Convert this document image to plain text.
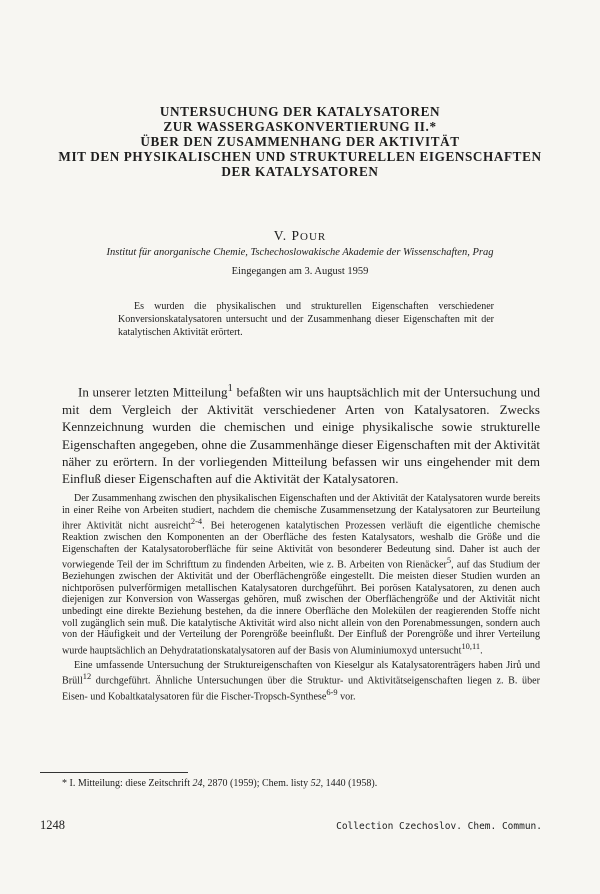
UNTERSUCHUNG DER KATALYSATOREN
ZUR WASSERGASKONVERTIERUNG II.*
ÜBER DEN ZUSAMMENHANG DER AKTIVITÄT
MIT DEN PHYSIKALISCHEN UND STRUKTURELLEN EIGENSCHAFTEN
DER KATALYSATOREN
V. POUR
Institut für anorganische Chemie, Tschechoslowakische Akademie der Wissenschaften, Prag
Eingegangen am 3. August 1959
Es wurden die physikalischen und strukturellen Eigenschaften verschiedener Konversionskatalysatoren untersucht und der Zusammenhang dieser Eigenschaften mit der katalytischen Aktivität erörtert.

In unserer letzten Mitteilung$^1$ befaßten wir uns hauptsächlich mit der Untersuchung und mit dem Vergleich der Aktivität verschiedener Arten von Katalysatoren. Zwecks Kennzeichnung wurden die chemischen und einige physikalische sowie strukturelle Eigenschaften angegeben, ohne die Zusammenhänge dieser Eigenschaften mit der Aktivität näher zu erörtern. In der vorliegenden Mitteilung befassen wir uns eingehender mit dem Einfluß dieser Eigenschaften auf die Aktivität der Katalysatoren.

Der Zusammenhang zwischen den physikalischen Eigenschaften und der Aktivität der Katalysatoren wurde bereits in einer Reihe von Arbeiten studiert, nachdem die chemische Zusammensetzung der Katalysatoren zur Beurteilung ihrer Aktivität nicht ausreicht$^{2-4}$. Bei heterogenen katalytischen Prozessen verläuft die eigentliche chemische Reaktion zwischen den Komponenten an der Oberfläche des festen Katalysators, weshalb die Größe und die Eigenschaften der Katalysatoroberfläche für seine Aktivität von besonderer Bedeutung sind. Daher ist auch der vorwiegende Teil der im Schrifttum zu findenden Arbeiten, wie z. B. Arbeiten von Rienäcker$^5$, auf das Studium der Beziehungen zwischen der Aktivität und der Oberflächengröße eingestellt. Die meisten dieser Studien wurden an nichtporösen pulverförmigen metallischen Katalysatoren durchgeführt. Bei porösen Katalysatoren, zu denen auch diejenigen zur Konversion von Wassergas gehören, muß zwischen der Oberflächengröße und der Aktivität nicht unbedingt eine direkte Beziehung bestehen, da die innere Oberfläche den Molekülen der reagierenden Stoffe nicht voll zugänglich sein muß. Die katalytische Aktivität wird also nicht allein von den Porenabmessungen, sondern auch von der Häufigkeit und der Verteilung der Porengröße beeinflußt. Der Einfluß der Porengröße und ihrer Verteilung wurde hauptsächlich an Dehydratationskatalysatoren auf der Basis von Aluminiumoxyd untersucht$^{10,11}$.

Eine umfassende Untersuchung der Struktureigenschaften von Kieselgur als Katalysatorenträgers haben Jirů und Brüll$^{12}$ durchgeführt. Ähnliche Untersuchungen über die Struktur- und Aktivitätseigenschaften liegen z. B. über Eisen- und Kobaltkatalysatoren für die Fischer-Tropsch-Synthese$^{6-9}$ vor.

* I. Mitteilung: diese Zeitschrift 24, 2870 (1959); Chem. listy 52, 1440 (1958).
1248	Collection Czechoslov. Chem. Commun.
